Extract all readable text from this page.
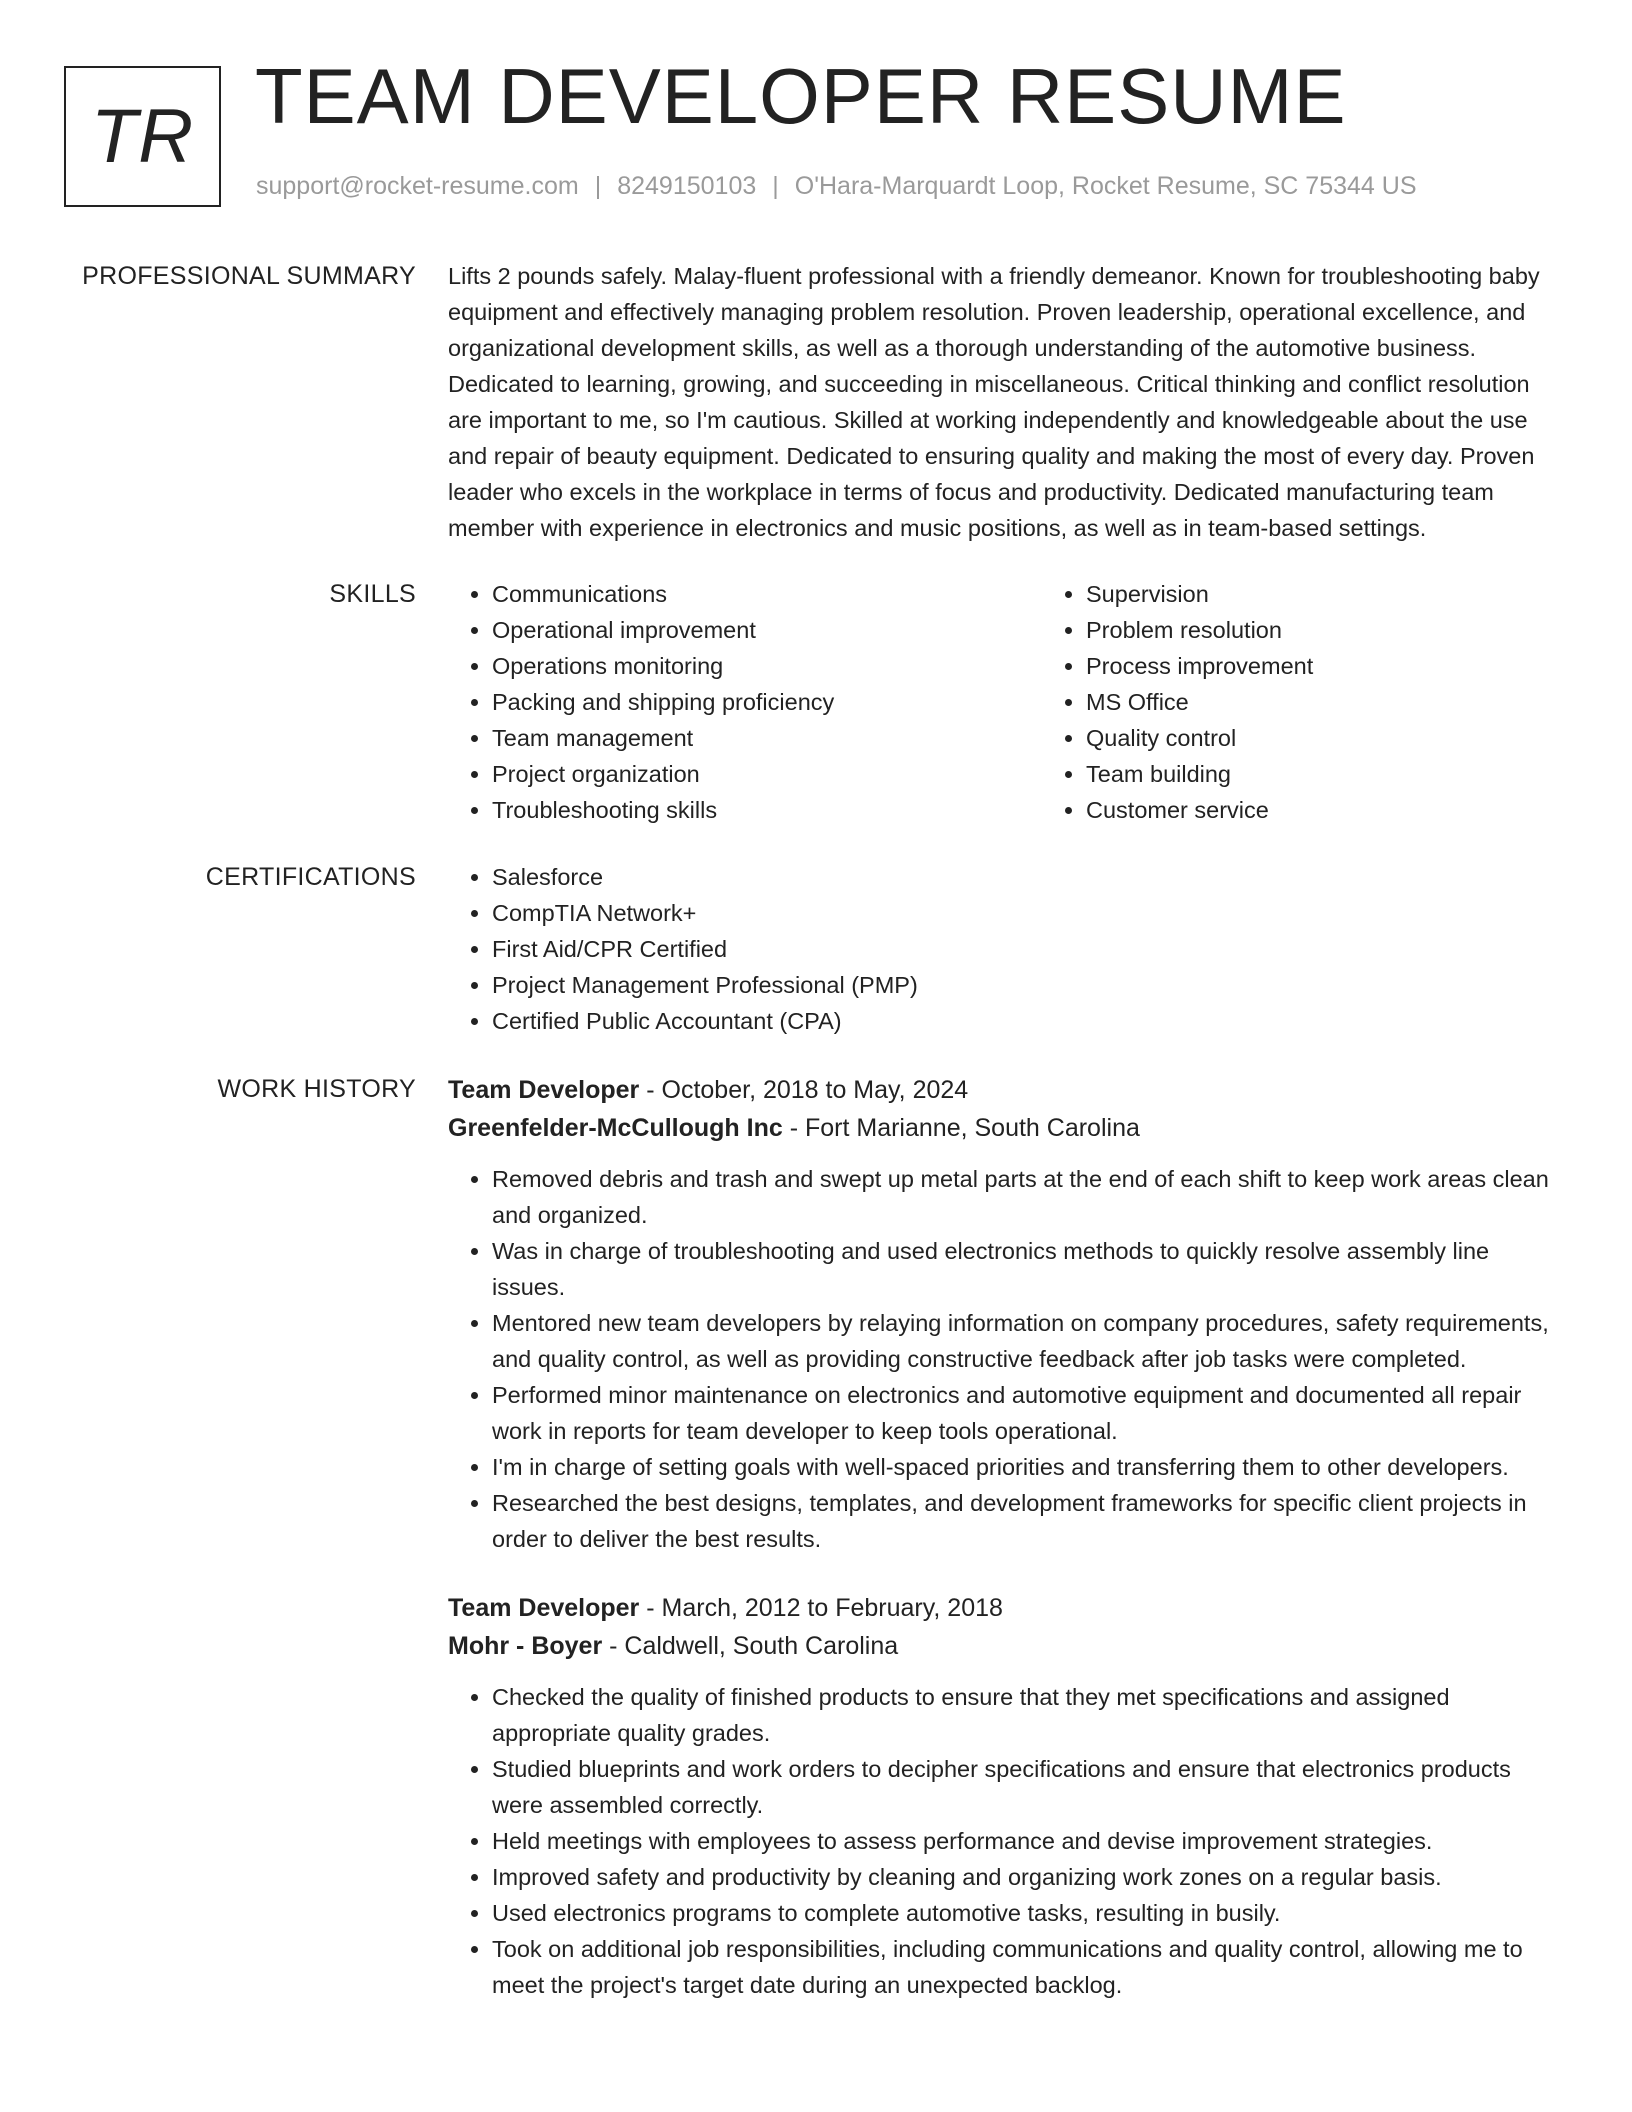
TR TEAM DEVELOPER RESUME
support@rocket-resume.com | 8249150103 | O'Hara-Marquardt Loop, Rocket Resume, SC 75344 US
PROFESSIONAL SUMMARY Lifts 2 pounds safely. Malay-fluent professional with a friendly demeanor. Known for troubleshooting baby equipment and effectively managing problem resolution. Proven leadership, operational excellence, and organizational development skills, as well as a thorough understanding of the automotive business. Dedicated to learning, growing, and succeeding in miscellaneous. Critical thinking and conflict resolution are important to me, so I'm cautious. Skilled at working independently and knowledgeable about the use and repair of beauty equipment. Dedicated to ensuring quality and making the most of every day. Proven leader who excels in the workplace in terms of focus and productivity. Dedicated manufacturing team member with experience in electronics and music positions, as well as in team-based settings.

SKILLS	• Communications
• Operational improvement
• Operations monitoring
• Packing and shipping proficiency
• Team management
• Project organization
• Troubleshooting skills
• Supervision
• Problem resolution
• Process improvement
• MS Office
• Quality control
• Team building
• Customer service
CERTIFICATIONS	• Salesforce
• CompTIA Network+
• First Aid/CPR Certified
• Project Management Professional (PMP)
• Certified Public Accountant (CPA)
WORK HISTORY Team Developer - October, 2018 to May, 2024
Greenfelder-McCullough Inc - Fort Marianne, South Carolina
• Removed debris and trash and swept up metal parts at the end of each shift to keep work areas clean and organized.
• Was in charge of troubleshooting and used electronics methods to quickly resolve assembly line issues.
• Mentored new team developers by relaying information on company procedures, safety requirements, and quality control, as well as providing constructive feedback after job tasks were completed.
• Performed minor maintenance on electronics and automotive equipment and documented all repair work in reports for team developer to keep tools operational.
• I'm in charge of setting goals with well-spaced priorities and transferring them to other developers.
• Researched the best designs, templates, and development frameworks for specific client projects in order to deliver the best results.
Team Developer - March, 2012 to February, 2018
Mohr - Boyer - Caldwell, South Carolina
• Checked the quality of finished products to ensure that they met specifications and assigned appropriate quality grades.
• Studied blueprints and work orders to decipher specifications and ensure that electronics products were assembled correctly.
• Held meetings with employees to assess performance and devise improvement strategies.
• Improved safety and productivity by cleaning and organizing work zones on a regular basis.
• Used electronics programs to complete automotive tasks, resulting in busily.
• Took on additional job responsibilities, including communications and quality control, allowing me to meet the project's target date during an unexpected backlog.
